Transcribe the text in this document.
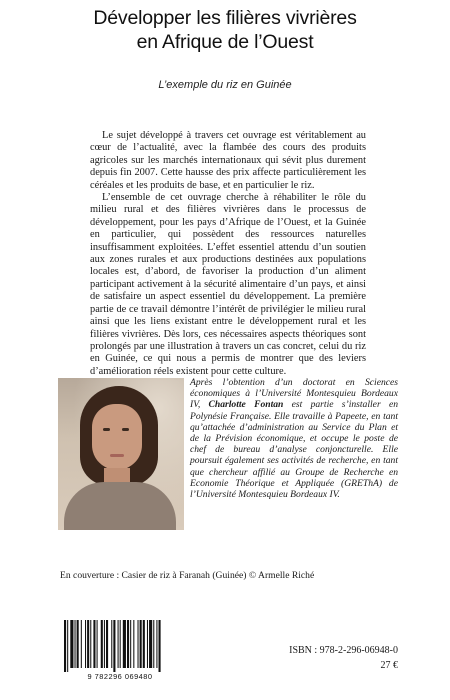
Développer les filières vivrières
en Afrique de l’Ouest
L’exemple du riz en Guinée

Le sujet développé à travers cet ouvrage est véritablement au cœur de l’actualité, avec la flambée des cours des produits agricoles sur les marchés internationaux qui sévit plus durement depuis fin 2007. Cette hausse des prix affecte particulièrement les céréales et les produits de base, et en particulier le riz.

L’ensemble de cet ouvrage cherche à réhabiliter le rôle du milieu rural et des filières vivrières dans le processus de développement, pour les pays d’Afrique de l’Ouest, et la Guinée en particulier, qui possèdent des ressources naturelles insuffisamment exploitées. L’effet essentiel attendu d’un soutien aux zones rurales et aux productions destinées aux populations locales est, d’abord, de favoriser la production d’un aliment participant activement à la sécurité alimentaire d’un pays, et ainsi de satisfaire un aspect essentiel du développement. La première partie de ce travail démontre l’intérêt de privilégier le milieu rural ainsi que les liens existant entre le développement rural et les filières vivrières. Dès lors, ces nécessaires aspects théoriques sont prolongés par une illustration à travers un cas concret, celui du riz en Guinée, ce qui nous a permis de montrer que des leviers d’amélioration réels existent pour cette culture.

Après l’obtention d’un doctorat en Sciences économiques à l’Université Montesquieu Bordeaux IV, Charlotte Fontan est partie s’installer en Polynésie Française. Elle travaille à Papeete, en tant qu’attachée d’administration au Service du Plan et de la Prévision économique, et occupe le poste de chef de bureau d’analyse conjoncturelle. Elle poursuit également ses activités de recherche, en tant que chercheur affilié au Groupe de Recherche en Economie Théorique et Appliquée (GREThA) de l’Université Montesquieu Bordeaux IV.
En couverture : Casier de riz à Faranah (Guinée) © Armelle Riché
9 782296 069480
ISBN : 978-2-296-06948-0
27 €
